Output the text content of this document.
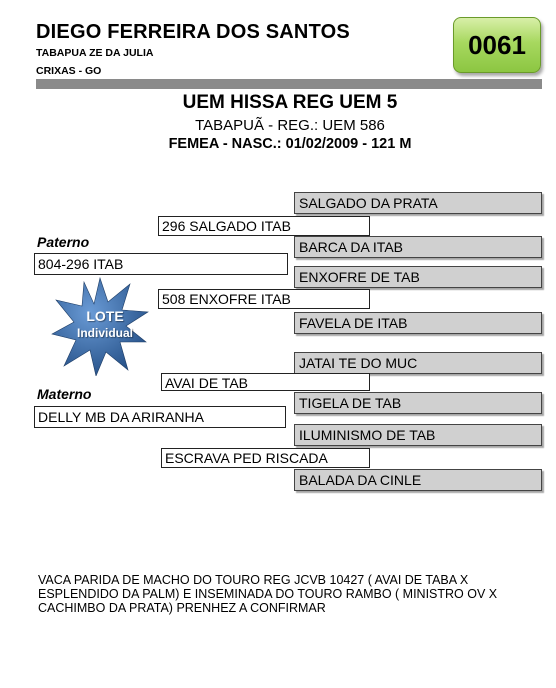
DIEGO FERREIRA DOS SANTOS
TABAPUA ZE DA JULIA
CRIXAS - GO
0061
UEM HISSA REG UEM 5
TABAPUÃ - REG.: UEM 586
FEMEA - NASC.: 01/02/2009 - 121 M
SALGADO DA PRATA
BARCA DA ITAB
ENXOFRE DE TAB
FAVELA DE ITAB
JATAI TE DO MUC
TIGELA DE TAB
ILUMINISMO DE TAB
BALADA DA CINLE
296 SALGADO ITAB
508 ENXOFRE ITAB
AVAI DE TAB
ESCRAVA PED RISCADA
Paterno
804-296 ITAB
Materno
DELLY MB DA ARIRANHA
LOTE
Individual
VACA PARIDA DE MACHO DO TOURO REG JCVB 10427 ( AVAI DE TABA X ESPLENDIDO DA PALM) E INSEMINADA DO TOURO RAMBO ( MINISTRO OV X CACHIMBO DA PRATA) PRENHEZ A CONFIRMAR
